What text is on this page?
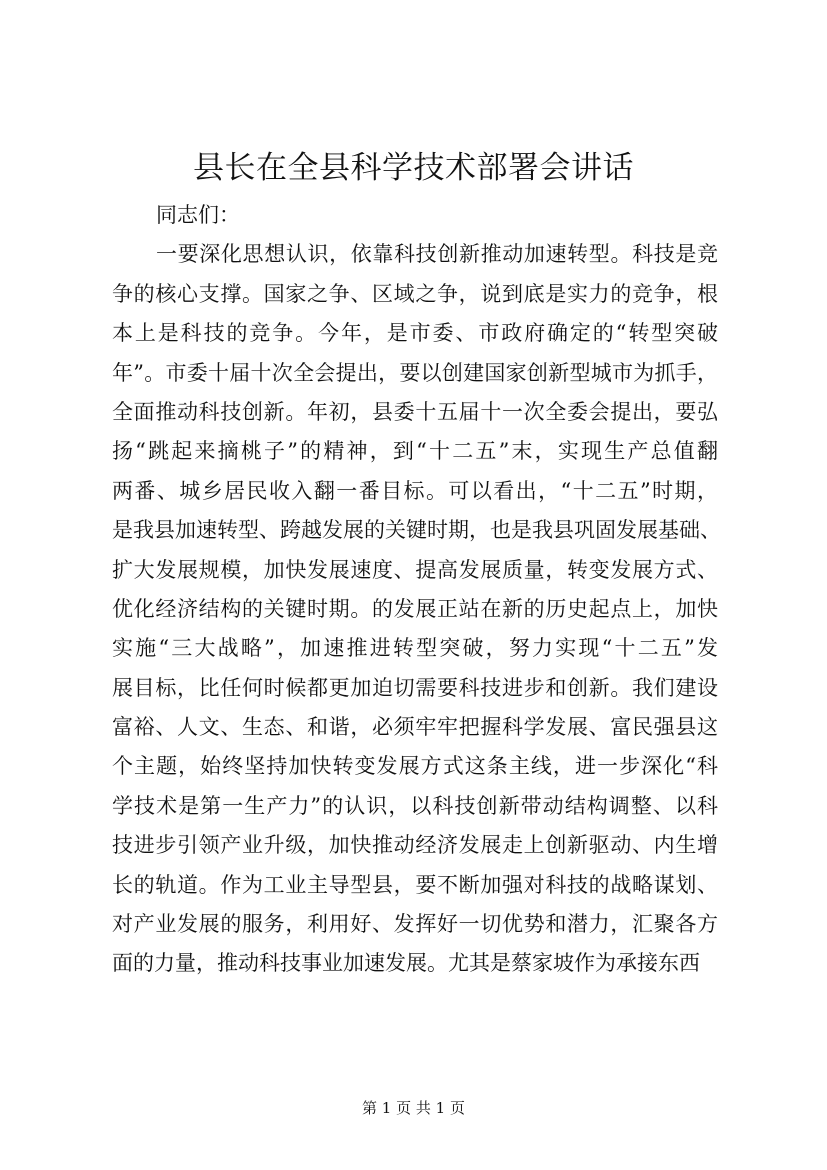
县长在全县科学技术部署会讲话
同志们：
一要深化思想认识，依靠科技创新推动加速转型。科技是竞
争的核心支撑。国家之争、区域之争，说到底是实力的竞争，根
本上是科技的竞争。今年，是市委、市政府确定的“转型突破
年”。市委十届十次全会提出，要以创建国家创新型城市为抓手，
全面推动科技创新。年初，县委十五届十一次全委会提出，要弘
扬“跳起来摘桃子”的精神，到“十二五”末，实现生产总值翻
两番、城乡居民收入翻一番目标。可以看出，“十二五”时期，
是我县加速转型、跨越发展的关键时期，也是我县巩固发展基础、
扩大发展规模，加快发展速度、提高发展质量，转变发展方式、
优化经济结构的关键时期。的发展正站在新的历史起点上，加快
实施“三大战略”，加速推进转型突破，努力实现“十二五”发
展目标，比任何时候都更加迫切需要科技进步和创新。我们建设
富裕、人文、生态、和谐，必须牢牢把握科学发展、富民强县这
个主题，始终坚持加快转变发展方式这条主线，进一步深化“科
学技术是第一生产力”的认识，以科技创新带动结构调整、以科
技进步引领产业升级，加快推动经济发展走上创新驱动、内生增
长的轨道。作为工业主导型县，要不断加强对科技的战略谋划、
对产业发展的服务，利用好、发挥好一切优势和潜力，汇聚各方
面的力量，推动科技事业加速发展。尤其是蔡家坡作为承接东西
第 1 页 共 1 页
